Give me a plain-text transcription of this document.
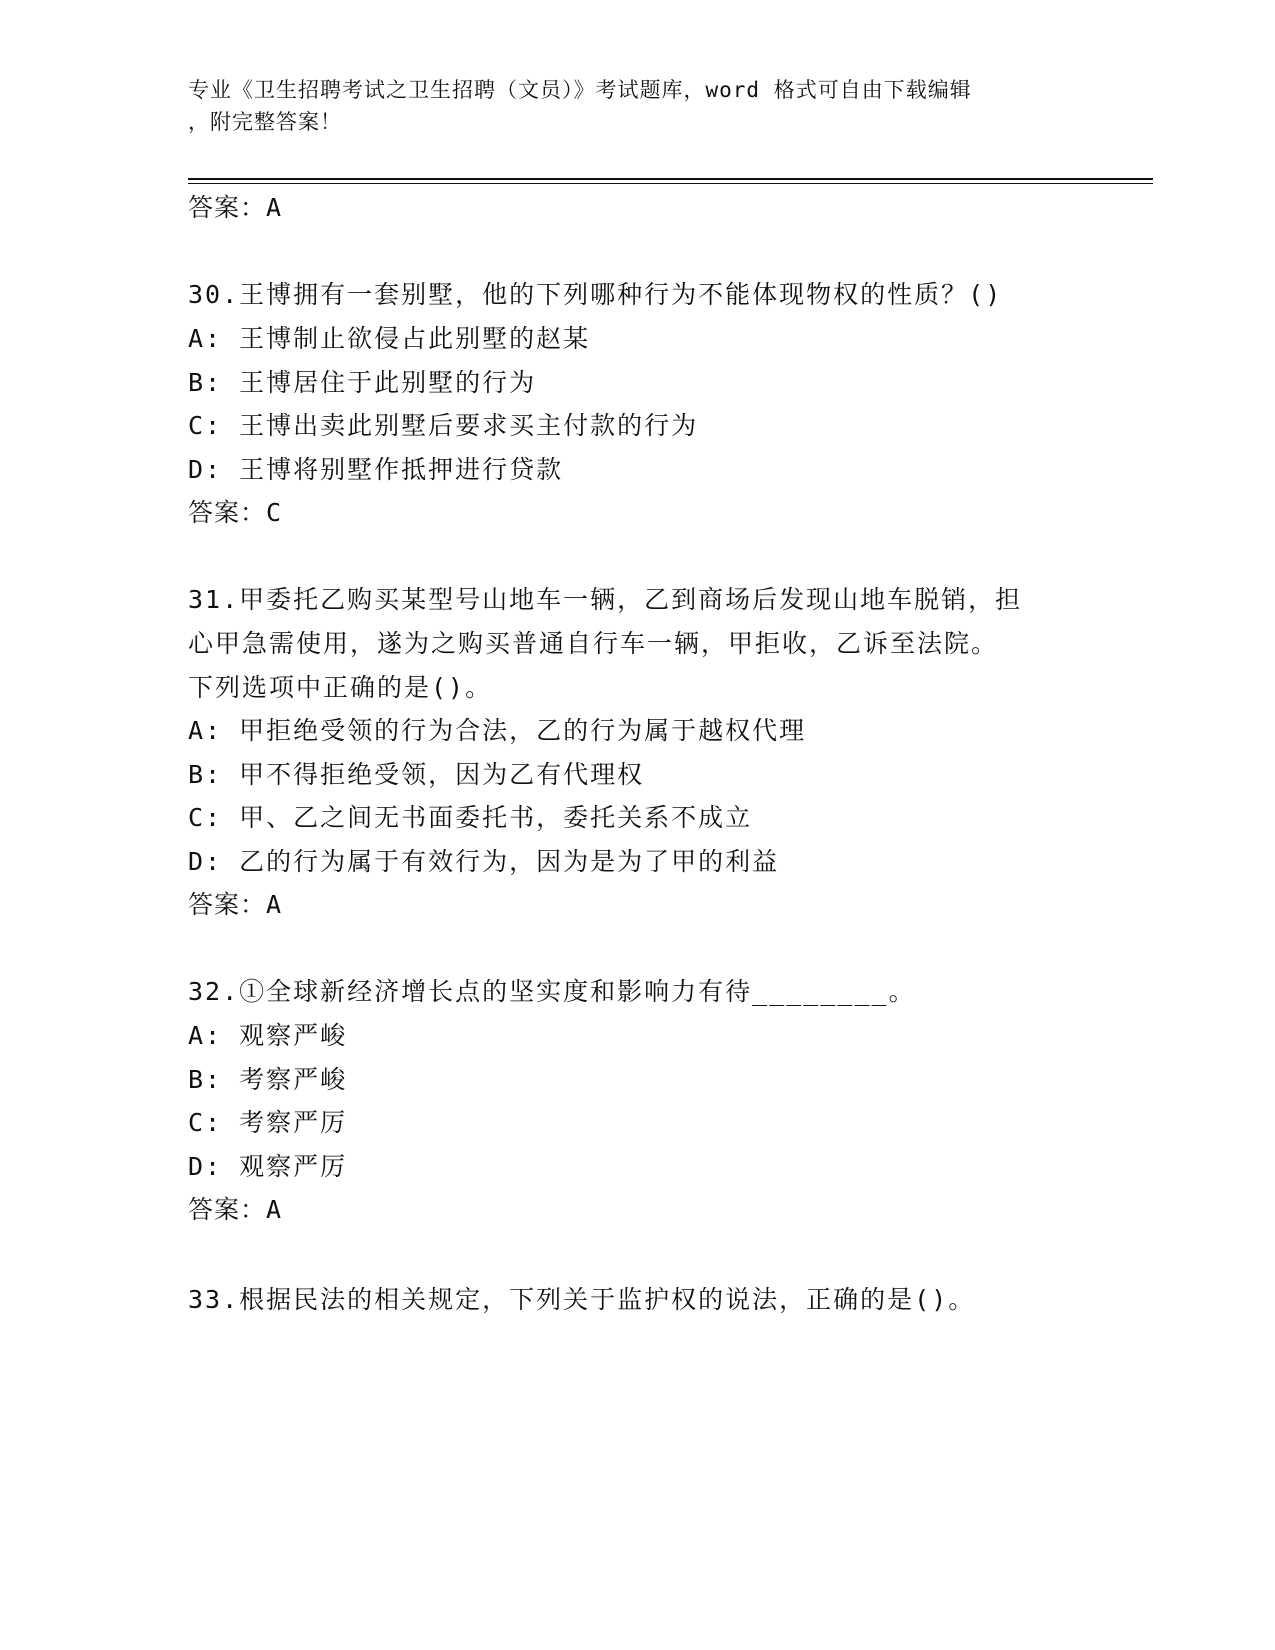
专业《卫生招聘考试之卫生招聘（文员）》考试题库，word 格式可自由下载编辑
，附完整答案！
答案：A
30.王博拥有一套别墅，他的下列哪种行为不能体现物权的性质？()
A: 王博制止欲侵占此别墅的赵某
B: 王博居住于此别墅的行为
C: 王博出卖此别墅后要求买主付款的行为
D: 王博将别墅作抵押进行贷款
答案：C
31.甲委托乙购买某型号山地车一辆，乙到商场后发现山地车脱销，担
心甲急需使用，遂为之购买普通自行车一辆，甲拒收，乙诉至法院。
下列选项中正确的是()。
A: 甲拒绝受领的行为合法，乙的行为属于越权代理
B: 甲不得拒绝受领，因为乙有代理权
C: 甲、乙之间无书面委托书，委托关系不成立
D: 乙的行为属于有效行为，因为是为了甲的利益
答案：A
32.①全球新经济增长点的坚实度和影响力有待________。
A: 观察严峻
B: 考察严峻
C: 考察严厉
D: 观察严厉
答案：A
33.根据民法的相关规定，下列关于监护权的说法，正确的是()。
